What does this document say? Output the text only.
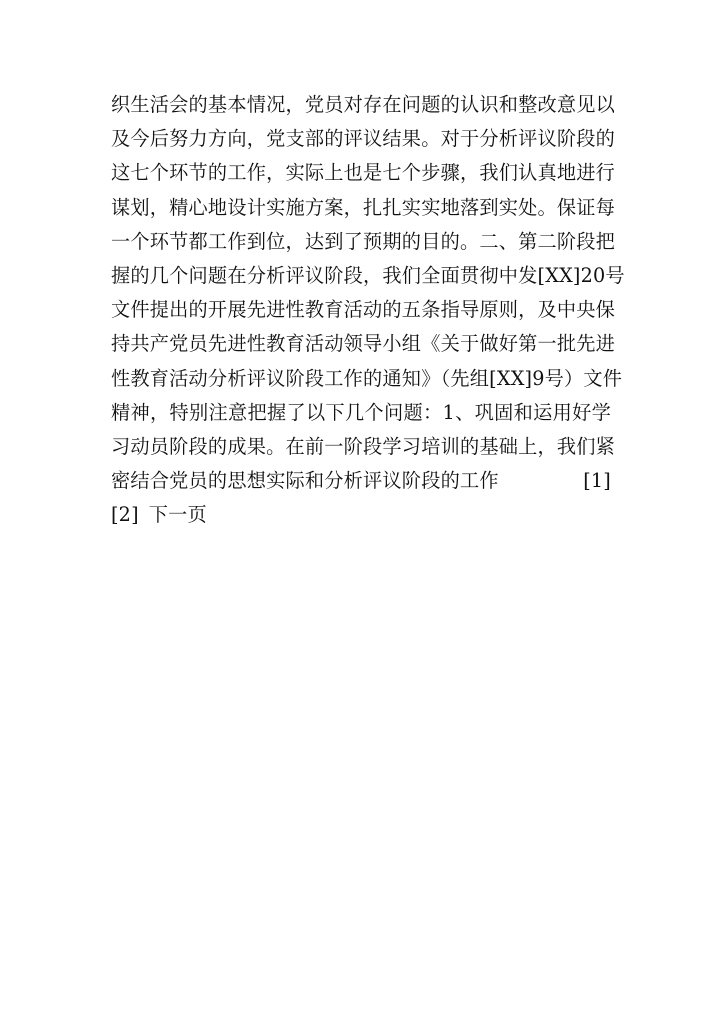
织生活会的基本情况，党员对存在问题的认识和整改意见以
及今后努力方向，党支部的评议结果。对于分析评议阶段的
这七个环节的工作，实际上也是七个步骤，我们认真地进行
谋划，精心地设计实施方案，扎扎实实地落到实处。保证每
一个环节都工作到位，达到了预期的目的。二、第二阶段把
握的几个问题在分析评议阶段，我们全面贯彻中发[XX]20号
文件提出的开展先进性教育活动的五条指导原则，及中央保
持共产党员先进性教育活动领导小组《关于做好第一批先进
性教育活动分析评议阶段工作的通知》（先组[XX]9号）文件
精神，特别注意把握了以下几个问题：1、巩固和运用好学
习动员阶段的成果。在前一阶段学习培训的基础上，我们紧
密结合党员的思想实际和分析评议阶段的工作	[1]
[2] 下一页
